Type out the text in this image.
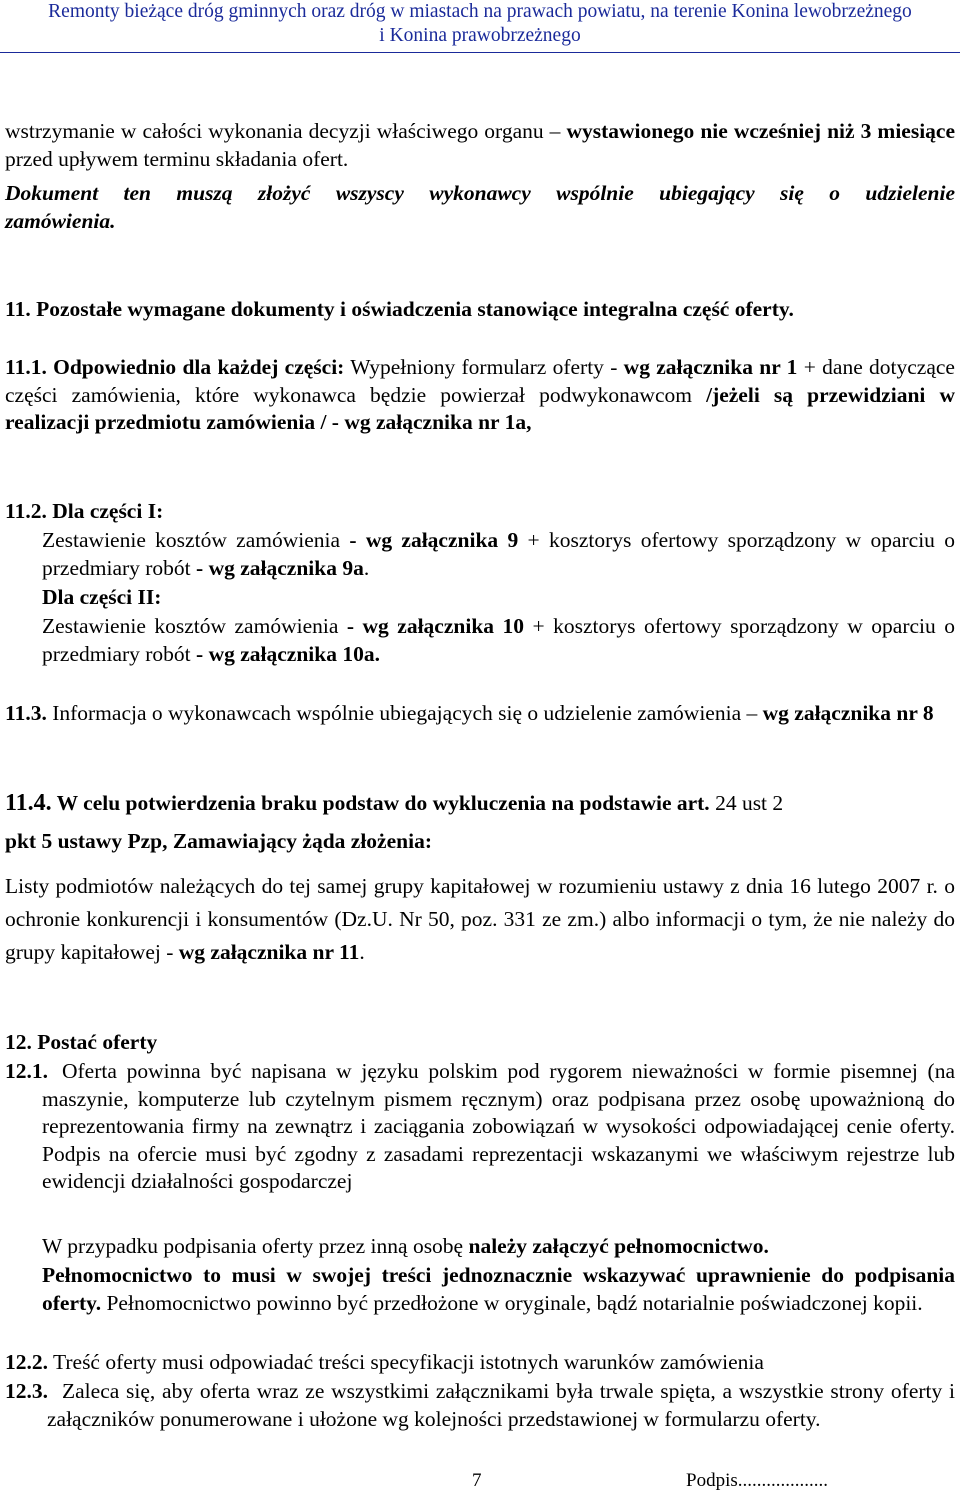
Remonty bieżące dróg gminnych oraz dróg w miastach na prawach powiatu, na terenie Konina lewobrzeżnego
i Konina prawobrzeżnego
wstrzymanie w całości wykonania decyzji właściwego organu – wystawionego nie wcześniej niż 3 miesiące przed upływem terminu składania ofert.
Dokument ten muszą złożyć wszyscy wykonawcy wspólnie ubiegający się o udzielenie
zamówienia.
11. Pozostałe wymagane dokumenty i oświadczenia stanowiące integralna część oferty.
11.1. Odpowiednio dla każdej części: Wypełniony formularz oferty - wg załącznika nr 1 + dane dotyczące części zamówienia, które wykonawca będzie powierzał podwykonawcom /jeżeli są przewidziani w realizacji przedmiotu zamówienia / - wg załącznika nr 1a,
11.2. Dla części I:
Zestawienie kosztów zamówienia - wg załącznika 9 + kosztorys ofertowy sporządzony w oparciu o przedmiary robót - wg załącznika 9a.
Dla części II:
Zestawienie kosztów zamówienia - wg załącznika 10 + kosztorys ofertowy sporządzony w oparciu o przedmiary robót - wg załącznika 10a.
11.3. Informacja o wykonawcach wspólnie ubiegających się o udzielenie zamówienia – wg załącznika nr 8
11.4. W celu potwierdzenia braku podstaw do wykluczenia na podstawie art. 24 ust 2
pkt 5 ustawy Pzp, Zamawiający żąda złożenia:
Listy podmiotów należących do tej samej grupy kapitałowej w rozumieniu ustawy z dnia 16 lutego 2007 r. o ochronie konkurencji i konsumentów (Dz.U. Nr 50, poz. 331 ze zm.) albo informacji o tym, że nie należy do grupy kapitałowej - wg załącznika nr 11.
12. Postać oferty
12.1. Oferta powinna być napisana w języku polskim pod rygorem nieważności w formie pisemnej (na maszynie, komputerze lub czytelnym pismem ręcznym) oraz podpisana przez osobę upoważnioną do reprezentowania firmy na zewnątrz i zaciągania zobowiązań w wysokości odpowiadającej cenie oferty. Podpis na ofercie musi być zgodny z zasadami reprezentacji wskazanymi we właściwym rejestrze lub ewidencji działalności gospodarczej
W przypadku podpisania oferty przez inną osobę należy załączyć pełnomocnictwo.
Pełnomocnictwo to musi w swojej treści jednoznacznie wskazywać uprawnienie do podpisania oferty. Pełnomocnictwo powinno być przedłożone w oryginale, bądź notarialnie poświadczonej kopii.
12.2. Treść oferty musi odpowiadać treści specyfikacji istotnych warunków zamówienia
12.3. Zaleca się, aby oferta wraz ze wszystkimi załącznikami była trwale spięta, a wszystkie strony oferty i załączników ponumerowane i ułożone wg kolejności przedstawionej w formularzu oferty.
7	Podpis...................
